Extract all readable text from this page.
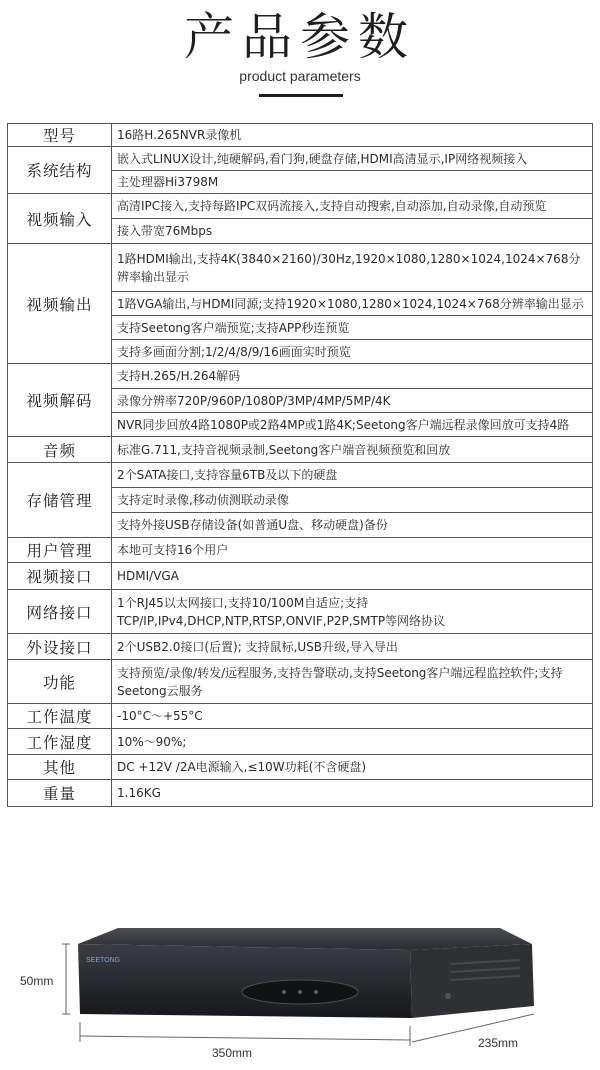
产品参数
product parameters
型号	16路H.265NVR录像机
系统结构	嵌入式LINUX设计,纯硬解码,看门狗,硬盘存储,HDMI高清显示,IP网络视频接入
	主处理器Hi3798M
视频输入	高清IPC接入,支持每路IPC双码流接入,支持自动搜索,自动添加,自动录像,自动预览
	接入带宽76Mbps
视频输出	1路HDMI输出,支持4K(3840×2160)/30Hz,1920×1080,1280×1024,1024×768分辨率输出显示
	1路VGA输出,与HDMI同源;支持1920×1080,1280×1024,1024×768分辨率输出显示
	支持Seetong客户端预览;支持APP秒连预览
	支持多画面分割;1/2/4/8/9/16画面实时预览
视频解码	支持H.265/H.264解码
	录像分辨率720P/960P/1080P/3MP/4MP/5MP/4K
	NVR同步回放4路1080P或2路4MP或1路4K;Seetong客户端远程录像回放可支持4路
音频	标准G.711,支持音视频录制,Seetong客户端音视频预览和回放
存储管理	2个SATA接口,支持容量6TB及以下的硬盘
	支持定时录像,移动侦测联动录像
	支持外接USB存储设备(如普通U盘、移动硬盘)备份
用户管理	本地可支持16个用户
视频接口	HDMI/VGA
网络接口	1个RJ45以太网接口,支持10/100M自适应;支持TCP/IP,IPv4,DHCP,NTP,RTSP,ONVIF,P2P,SMTP等网络协议
外设接口	2个USB2.0接口(后置); 支持鼠标,USB升级,导入导出
功能	支持预览/录像/转发/远程服务,支持告警联动,支持Seetong客户端远程监控软件;支持Seetong云服务
工作温度	-10°C～+55°C
工作湿度	10%～90%;
其他	DC +12V /2A电源输入,≤10W功耗(不含硬盘)
重量	1.16KG
SEETONG
50mm
350mm
235mm
